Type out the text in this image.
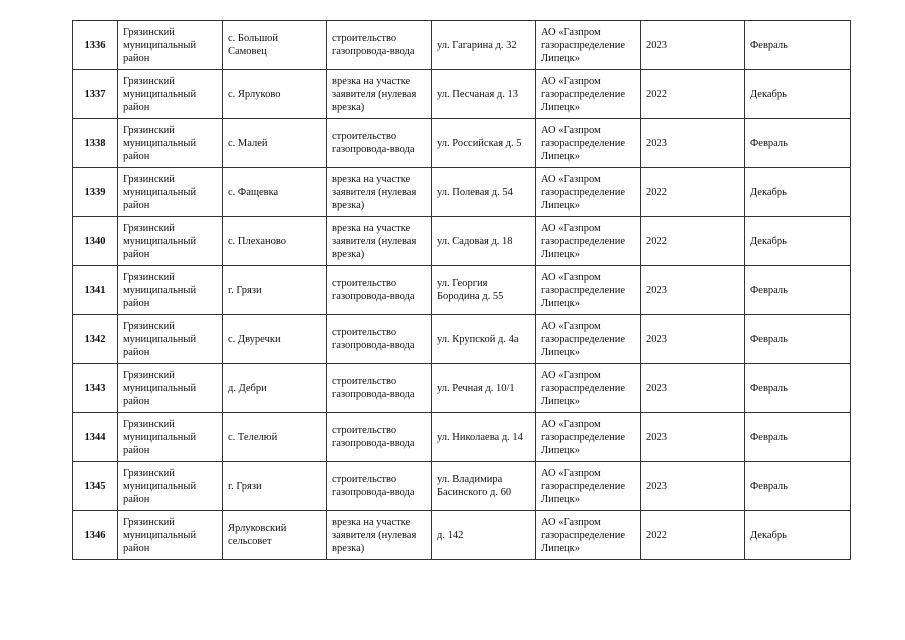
1336	Грязинский
муниципальный
район	с. Большой
Самовец	строительство
газопровода-ввода	ул. Гагарина д. 32	АО «Газпром
газораспределение
Липецк»	2023	Февраль
1337	Грязинский
муниципальный
район	с. Ярлуково	врезка на участке
заявителя (нулевая
врезка)	ул. Песчаная д. 13	АО «Газпром
газораспределение
Липецк»	2022	Декабрь
1338	Грязинский
муниципальный
район	с. Малей	строительство
газопровода-ввода	ул. Российская д. 5	АО «Газпром
газораспределение
Липецк»	2023	Февраль
1339	Грязинский
муниципальный
район	с. Фащевка	врезка на участке
заявителя (нулевая
врезка)	ул. Полевая д. 54	АО «Газпром
газораспределение
Липецк»	2022	Декабрь
1340	Грязинский
муниципальный
район	с. Плеханово	врезка на участке
заявителя (нулевая
врезка)	ул. Садовая д. 18	АО «Газпром
газораспределение
Липецк»	2022	Декабрь
1341	Грязинский
муниципальный
район	г. Грязи	строительство
газопровода-ввода	ул. Георгия
Бородина д. 55	АО «Газпром
газораспределение
Липецк»	2023	Февраль
1342	Грязинский
муниципальный
район	с. Двуречки	строительство
газопровода-ввода	ул. Крупской д. 4а	АО «Газпром
газораспределение
Липецк»	2023	Февраль
1343	Грязинский
муниципальный
район	д. Дебри	строительство
газопровода-ввода	ул. Речная д. 10/1	АО «Газпром
газораспределение
Липецк»	2023	Февраль
1344	Грязинский
муниципальный
район	с. Телелюй	строительство
газопровода-ввода	ул. Николаева д. 14	АО «Газпром
газораспределение
Липецк»	2023	Февраль
1345	Грязинский
муниципальный
район	г. Грязи	строительство
газопровода-ввода	ул. Владимира
Басинского д. 60	АО «Газпром
газораспределение
Липецк»	2023	Февраль
1346	Грязинский
муниципальный
район	Ярлуковский
сельсовет	врезка на участке
заявителя (нулевая
врезка)	д. 142	АО «Газпром
газораспределение
Липецк»	2022	Декабрь
